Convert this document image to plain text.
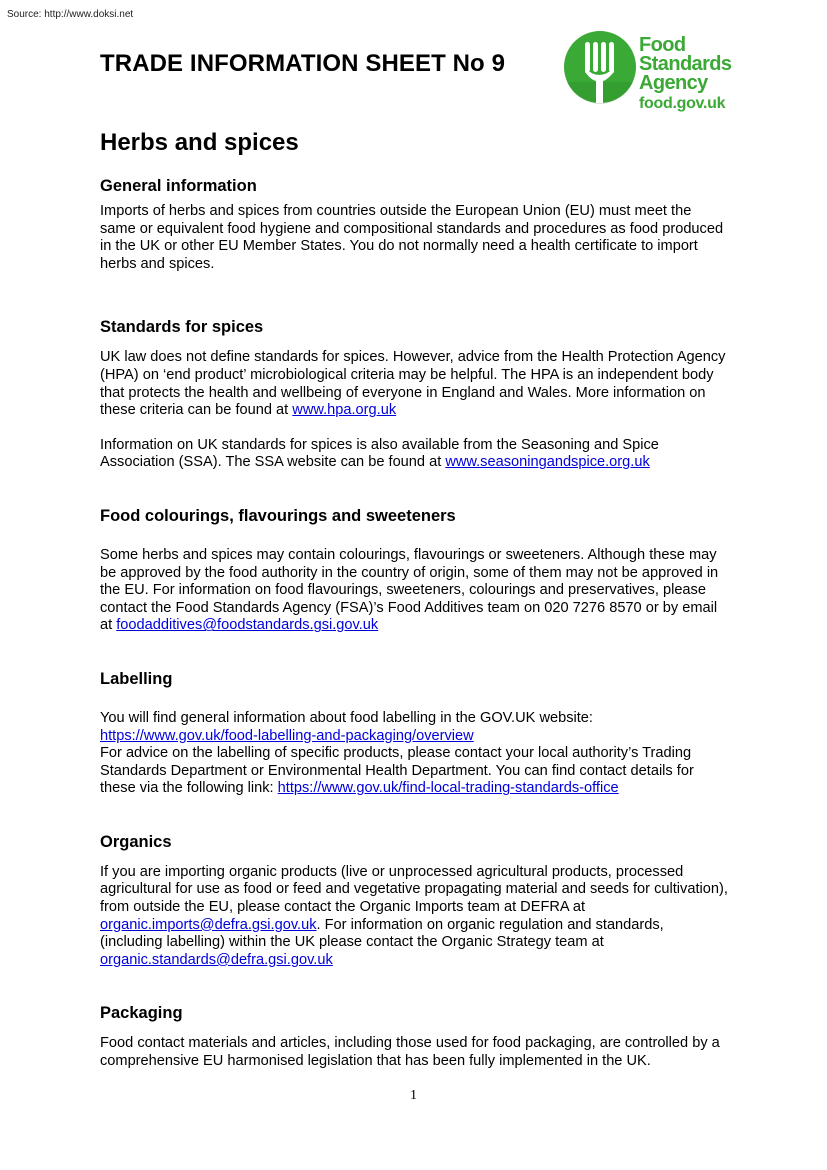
Source: http://www.doksi.net
TRADE INFORMATION SHEET No 9
Food
Standards
Agency
food.gov.uk
Herbs and spices
General information

Imports of herbs and spices from countries outside the European Union (EU) must meet the same or equivalent food hygiene and compositional standards and procedures as food produced in the UK or other EU Member States. You do not normally need a health certificate to import herbs and spices.

Standards for spices

UK law does not define standards for spices. However, advice from the Health Protection Agency (HPA) on ‘end product’ microbiological criteria may be helpful. The HPA is an independent body that protects the health and wellbeing of everyone in England and Wales. More information on these criteria can be found at www.hpa.org.uk

Information on UK standards for spices is also available from the Seasoning and Spice Association (SSA). The SSA website can be found at www.seasoningandspice.org.uk

Food colourings, flavourings and sweeteners

Some herbs and spices may contain colourings, flavourings or sweeteners. Although these may be approved by the food authority in the country of origin, some of them may not be approved in the EU. For information on food flavourings, sweeteners, colourings and preservatives, please contact the Food Standards Agency (FSA)’s Food Additives team on 020 7276 8570 or by email at foodadditives@foodstandards.gsi.gov.uk

Labelling

You will find general information about food labelling in the GOV.UK website:
https://www.gov.uk/food-labelling-and-packaging/overview
For advice on the labelling of specific products, please contact your local authority’s Trading Standards Department or Environmental Health Department. You can find contact details for these via the following link: https://www.gov.uk/find-local-trading-standards-office

Organics

If you are importing organic products (live or unprocessed agricultural products, processed agricultural for use as food or feed and vegetative propagating material and seeds for cultivation), from outside the EU, please contact the Organic Imports team at DEFRA at organic.imports@defra.gsi.gov.uk. For information on organic regulation and standards, (including labelling) within the UK please contact the Organic Strategy team at organic.standards@defra.gsi.gov.uk

Packaging

Food contact materials and articles, including those used for food packaging, are controlled by a comprehensive EU harmonised legislation that has been fully implemented in the UK.

1
